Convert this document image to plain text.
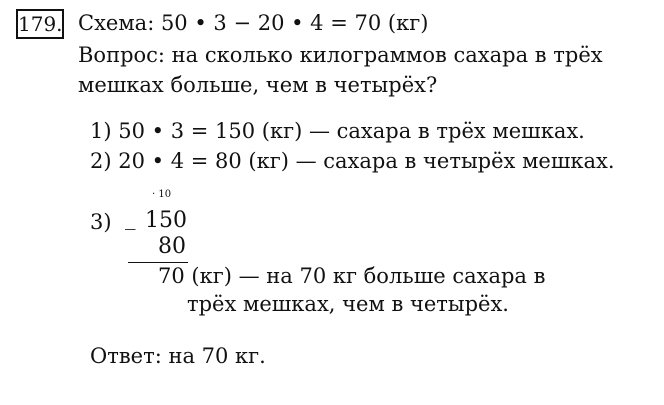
179. Схема: 50 • 3 − 20 • 4 = 70 (кг)
Вопрос: на сколько килограммов сахара в трёх
мешках больше, чем в четырёх?
1) 50 • 3 = 150 (кг) — сахара в трёх мешках.
2) 20 • 4 = 80 (кг) — сахара в четырёх мешках.
3) _
· 10
150
80
70 (кг) — на 70 кг больше сахара в
трёх мешках, чем в четырёх.
Ответ: на 70 кг.
